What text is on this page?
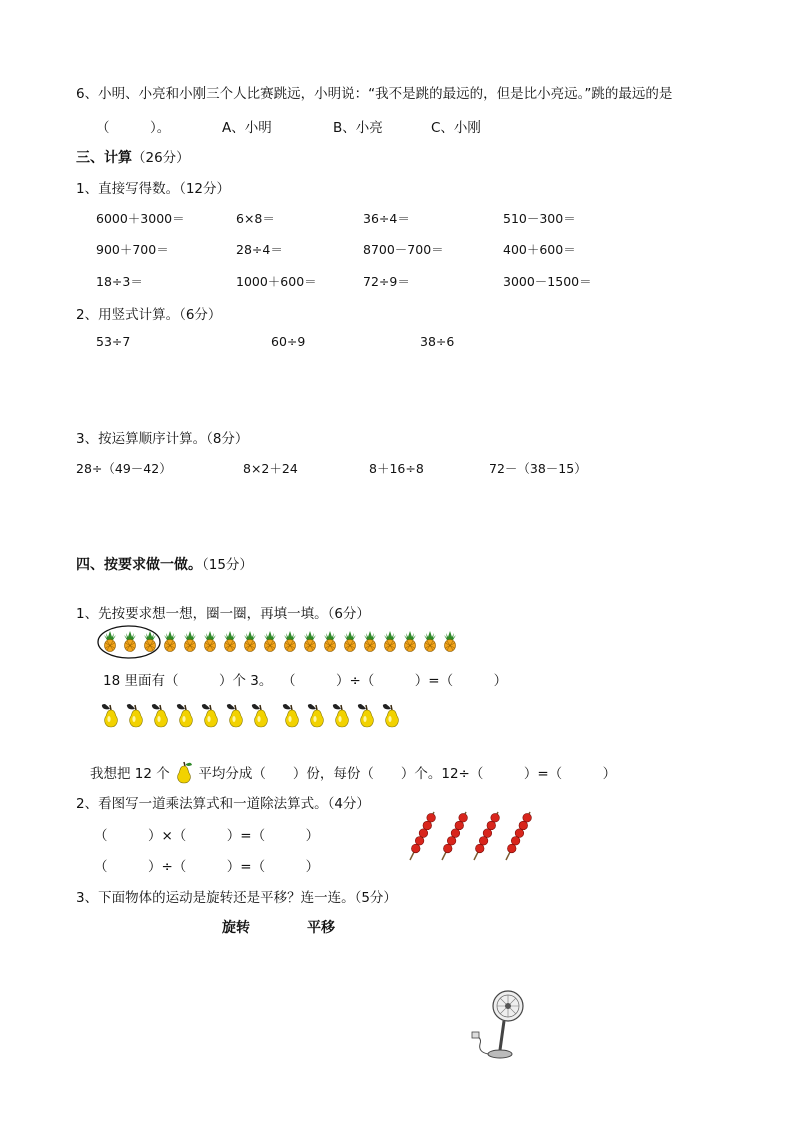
6、小明、小亮和小刚三个人比赛跳远，小明说：“我不是跳的最远的，但是比小亮远。”跳的最远的是
（　　　）。	A、小明	B、小亮	C、小刚
三、计算（26分）
1、直接写得数。（12分）
6000＋3000＝	6×8＝	36÷4＝	510－300＝
900＋700＝	28÷4＝	8700－700＝	400＋600＝
18÷3＝	1000＋600＝	72÷9＝	3000－1500＝
2、用竖式计算。（6分）
53÷7	60÷9	38÷6
3、按运算顺序计算。（8分）
28÷（49－42）	8×2＋24	8＋16÷8	72－（38－15）
四、按要求做一做。（15分）
1、先按要求想一想，圈一圈，再填一填。（6分）
18 里面有（　　　）个 3。 （　　　）÷（　　　）=（　　　）
我想把 12 个 平均分成（　　）份，每份（　　）个。12÷（　　　）=（　　　）
2、看图写一道乘法算式和一道除法算式。（4分）
（　　　）×（　　　）=（　　　）
（　　　）÷（　　　）=（　　　）
3、下面物体的运动是旋转还是平移？连一连。（5分）
旋转	平移
